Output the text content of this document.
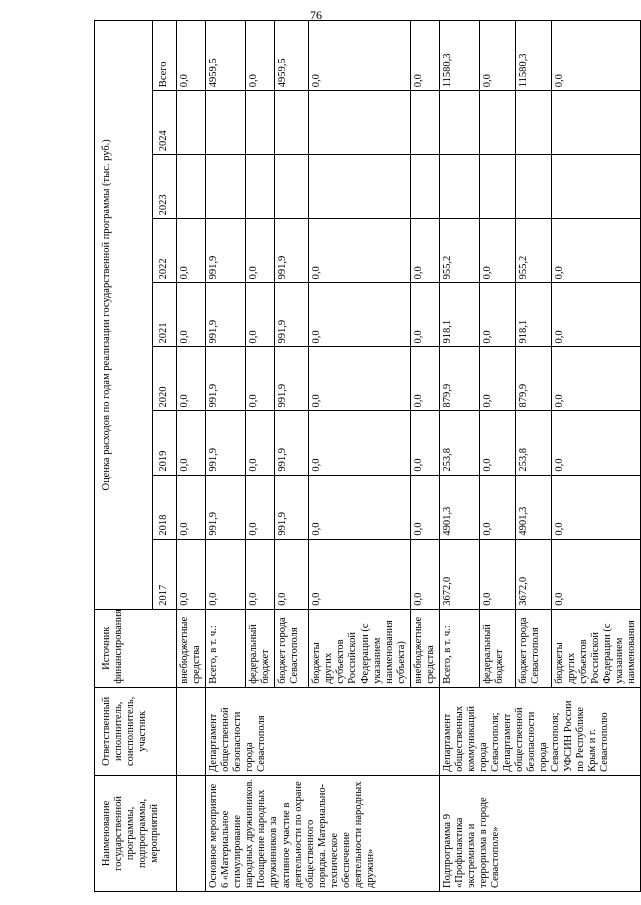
76
Наименование государственной программы, подпрограммы, мероприятий	Ответственный исполнитель, соисполнитель, участник	Источник финансирования	Оценка расходов по годам реализации государственной программы (тыс. руб.)								
			2017	2018	2019	2020	2021	2022	2023	2024	Всего
		внебюджетные средства	0,0	0,0	0,0	0,0	0,0	0,0			0,0
Основное мероприятие 6 «Материальное стимулирование народных дружинников. Поощрение народных дружинников за активное участие в деятельности по охране общественного порядка. Материально-техническое обеспечение деятельности народных дружин»	Департамент общественной безопасности города Севастополя	Всего, в т. ч.:	0,0	991,9	991,9	991,9	991,9	991,9			4959,5
		федеральный бюджет	0,0	0,0	0,0	0,0	0,0	0,0			0,0
		бюджет города Севастополя	0,0	991,9	991,9	991,9	991,9	991,9			4959,5
		бюджеты других субъектов Российской Федерации (с указанием наименования субъекта)	0,0	0,0	0,0	0,0	0,0	0,0			0,0
		внебюджетные средства	0,0	0,0	0,0	0,0	0,0	0,0			0,0
Подпрограмма 9 «Профилактика экстремизма и терроризма в городе Севастополе»	Департамент общественных коммуникаций города Севастополя; Департамент общественной безопасности города Севастополя; УФСИН России по Республике Крым и г. Севастополю	Всего, в т. ч.:	3672,0	4901,3	253,8	879,9	918,1	955,2			11580,3
		федеральный бюджет	0,0	0,0	0,0	0,0	0,0	0,0			0,0
		бюджет города Севастополя	3672,0	4901,3	253,8	879,9	918,1	955,2			11580,3
		бюджеты других субъектов Российской Федерации (с указанием наименования	0,0	0,0	0,0	0,0	0,0	0,0			0,0
